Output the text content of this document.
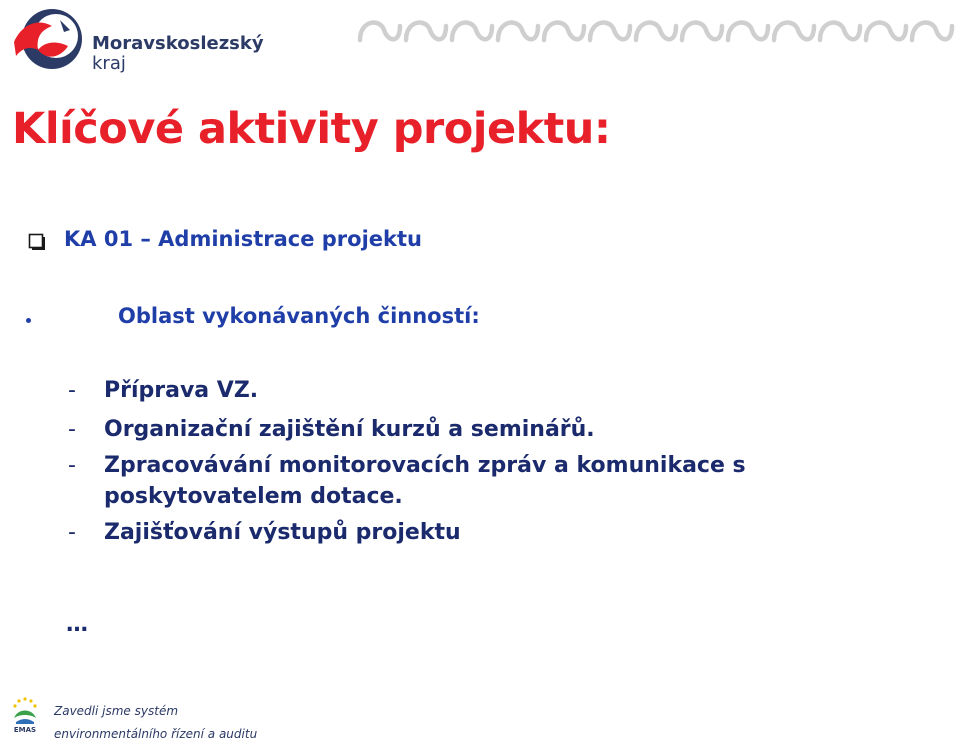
Moravskoslezský
kraj
Klíčové aktivity projektu:
KA 01 – Administrace projektu
Oblast vykonávaných činností:
- Příprava VZ.
- Organizační zajištění kurzů a seminářů.
- Zpracovávání monitorovacích zpráv a komunikace s
poskytovatelem dotace.
- Zajišťování výstupů projektu
…
EMAS
Zavedli jsme systém
environmentálního řízení a auditu
